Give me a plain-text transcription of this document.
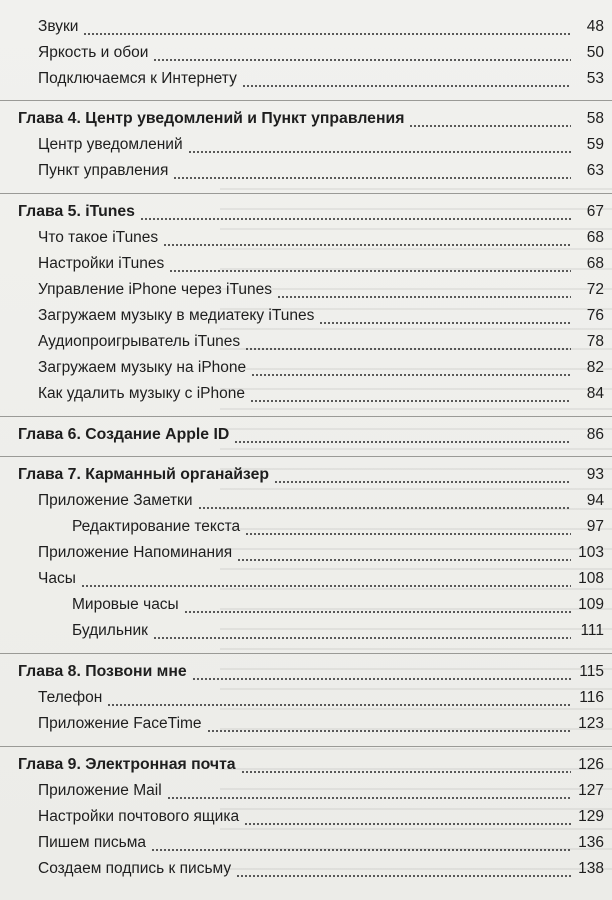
Звуки	48
Яркость и обои	50
Подключаемся к Интернету	53
Глава 4. Центр уведомлений и Пункт управления	58
Центр уведомлений	59
Пункт управления	63
Глава 5. iTunes	67
Что такое iTunes	68
Настройки iTunes	68
Управление iPhone через iTunes	72
Загружаем музыку в медиатеку iTunes	76
Аудиопроигрыватель iTunes	78
Загружаем музыку на iPhone	82
Как удалить музыку с iPhone	84
Глава 6. Создание Apple ID	86
Глава 7. Карманный органайзер	93
Приложение Заметки	94
Редактирование текста	97
Приложение Напоминания	103
Часы	108
Мировые часы	109
Будильник	111
Глава 8. Позвони мне	115
Телефон	116
Приложение FaceTime	123
Глава 9. Электронная почта	126
Приложение Mail	127
Настройки почтового ящика	129
Пишем письма	136
Создаем подпись к письму	138
